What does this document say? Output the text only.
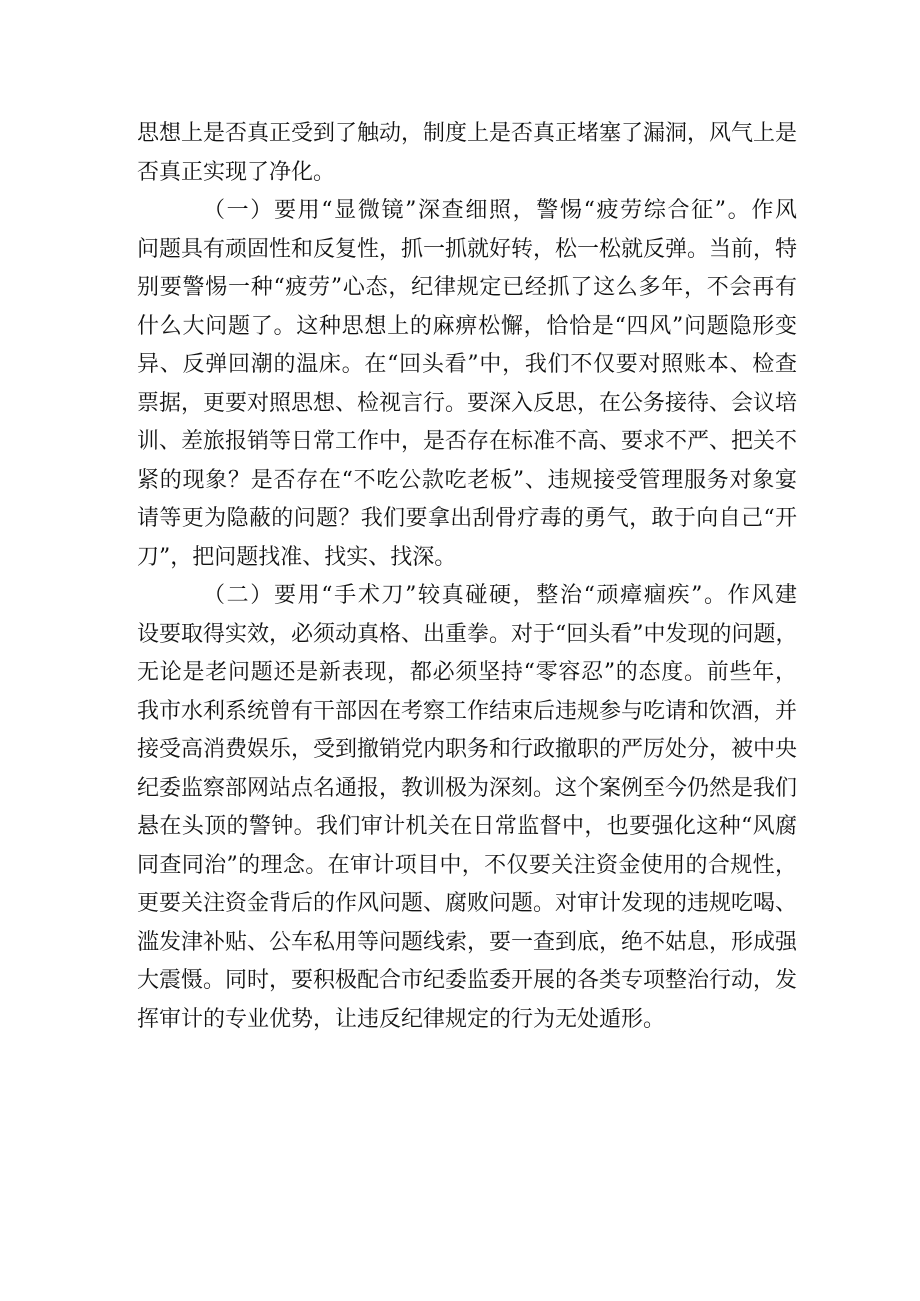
思想上是否真正受到了触动，制度上是否真正堵塞了漏洞，风气上是
否真正实现了净化。
（一）要用“显微镜”深查细照，警惕“疲劳综合征”。作风
问题具有顽固性和反复性，抓一抓就好转，松一松就反弹。当前，特
别要警惕一种“疲劳”心态，纪律规定已经抓了这么多年，不会再有
什么大问题了。这种思想上的麻痹松懈，恰恰是“四风”问题隐形变
异、反弹回潮的温床。在“回头看”中，我们不仅要对照账本、检查
票据，更要对照思想、检视言行。要深入反思，在公务接待、会议培
训、差旅报销等日常工作中，是否存在标准不高、要求不严、把关不
紧的现象？是否存在“不吃公款吃老板”、违规接受管理服务对象宴
请等更为隐蔽的问题？我们要拿出刮骨疗毒的勇气，敢于向自己“开
刀”，把问题找准、找实、找深。
（二）要用“手术刀”较真碰硬，整治“顽瘴痼疾”。作风建
设要取得实效，必须动真格、出重拳。对于“回头看”中发现的问题，
无论是老问题还是新表现，都必须坚持“零容忍”的态度。前些年，
我市水利系统曾有干部因在考察工作结束后违规参与吃请和饮酒，并
接受高消费娱乐，受到撤销党内职务和行政撤职的严厉处分，被中央
纪委监察部网站点名通报，教训极为深刻。这个案例至今仍然是我们
悬在头顶的警钟。我们审计机关在日常监督中，也要强化这种“风腐
同查同治”的理念。在审计项目中，不仅要关注资金使用的合规性，
更要关注资金背后的作风问题、腐败问题。对审计发现的违规吃喝、
滥发津补贴、公车私用等问题线索，要一查到底，绝不姑息，形成强
大震慑。同时，要积极配合市纪委监委开展的各类专项整治行动，发
挥审计的专业优势，让违反纪律规定的行为无处遁形。
